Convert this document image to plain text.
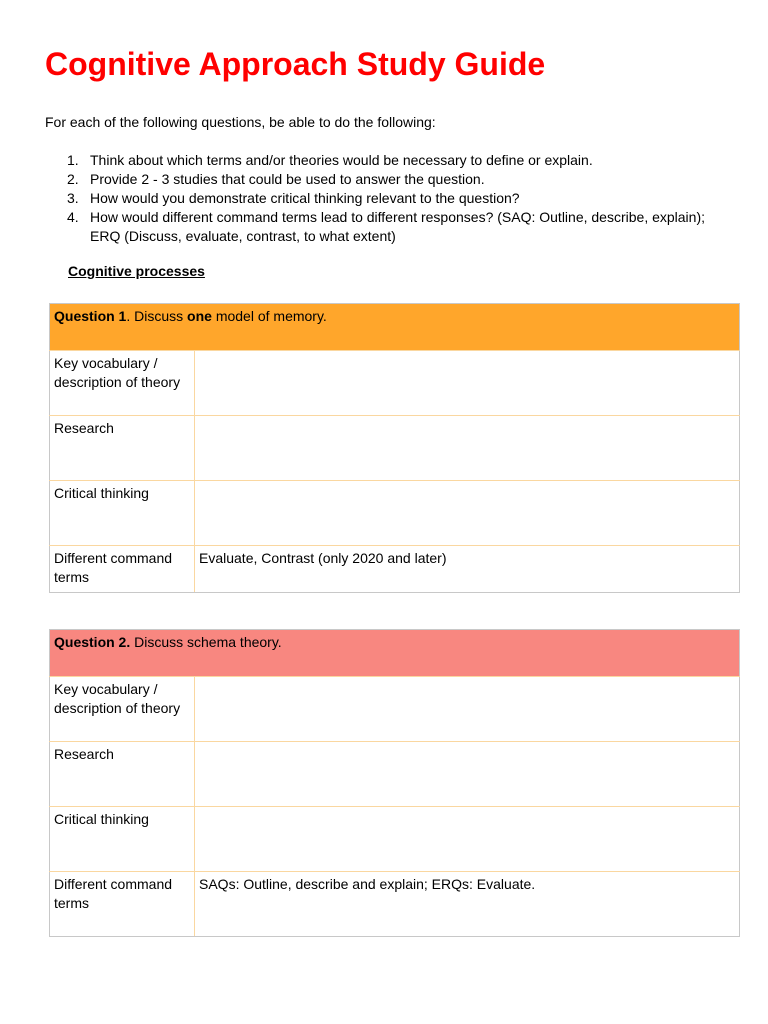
Cognitive Approach Study Guide
For each of the following questions, be able to do the following:
1. Think about which terms and/or theories would be necessary to define or explain.
2. Provide 2 - 3 studies that could be used to answer the question.
3. How would you demonstrate critical thinking relevant to the question?
4. How would different command terms lead to different responses? (SAQ: Outline, describe, explain); ERQ (Discuss, evaluate, contrast, to what extent)
Cognitive processes
Question 1. Discuss one model of memory.	
Key vocabulary / description of theory	
Research	
Critical thinking	
Different command terms	Evaluate, Contrast (only 2020 and later)
Question 2. Discuss schema theory.	
Key vocabulary / description of theory	
Research	
Critical thinking	
Different command terms	SAQs: Outline, describe and explain; ERQs: Evaluate.
